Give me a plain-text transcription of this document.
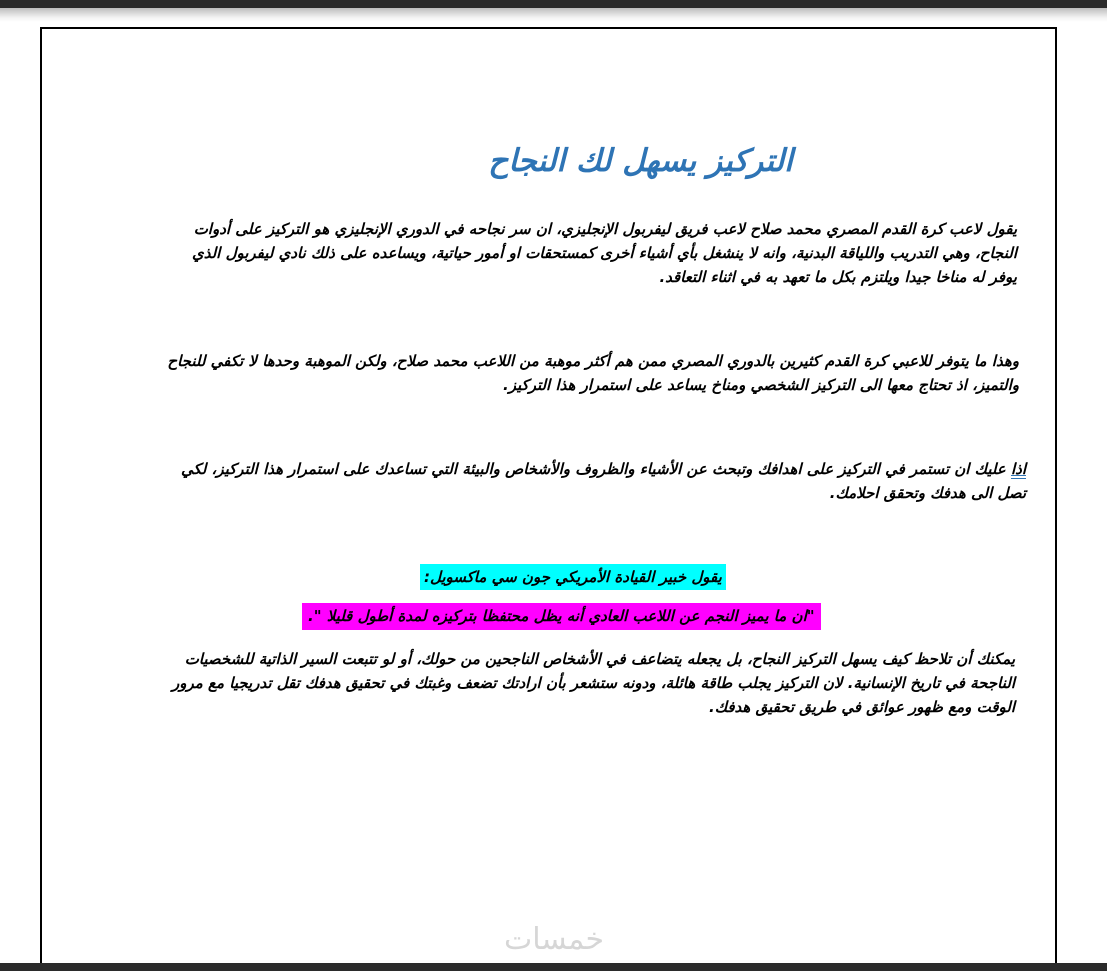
التركيز يسهل لك النجاح
يقول لاعب كرة القدم المصري محمد صلاح لاعب فريق ليفربول الإنجليزي، ان سر نجاحه في الدوري الإنجليزي هو التركيز على أدوات النجاح، وهي التدريب واللياقة البدنية، وانه لا ينشغل بأي أشياء أخرى كمستحقات او أمور حياتية، ويساعده على ذلك نادي ليفربول الذي يوفر له مناخا جيدا ويلتزم بكل ما تعهد به في اثناء التعاقد.
وهذا ما يتوفر للاعبي كرة القدم كثيرين بالدوري المصري ممن هم أكثر موهبة من اللاعب محمد صلاح، ولكن الموهبة وحدها لا تكفي للنجاح والتميز، اذ تحتاج معها الى التركيز الشخصي ومناخ يساعد على استمرار هذا التركيز.
اذا عليك ان تستمر في التركيز على اهدافك وتبحث عن الأشياء والظروف والأشخاص والبيئة التي تساعدك على استمرار هذا التركيز، لكي تصل الى هدفك وتحقق احلامك.
يقول خبير القيادة الأمريكي جون سي ماكسويل:
"ان ما يميز النجم عن اللاعب العادي أنه يظل محتفظا بتركيزه لمدة أطول قليلا ".
يمكنك أن تلاحظ كيف يسهل التركيز النجاح، بل يجعله يتضاعف في الأشخاص الناجحين من حولك، أو لو تتبعت السير الذاتية للشخصيات الناجحة في تاريخ الإنسانية. لان التركيز يجلب طاقة هائلة، ودونه ستشعر بأن ارادتك تضعف وغبتك في تحقيق هدفك تقل تدريجيا مع مرور الوقت ومع ظهور عوائق في طريق تحقيق هدفك.
خمسات
